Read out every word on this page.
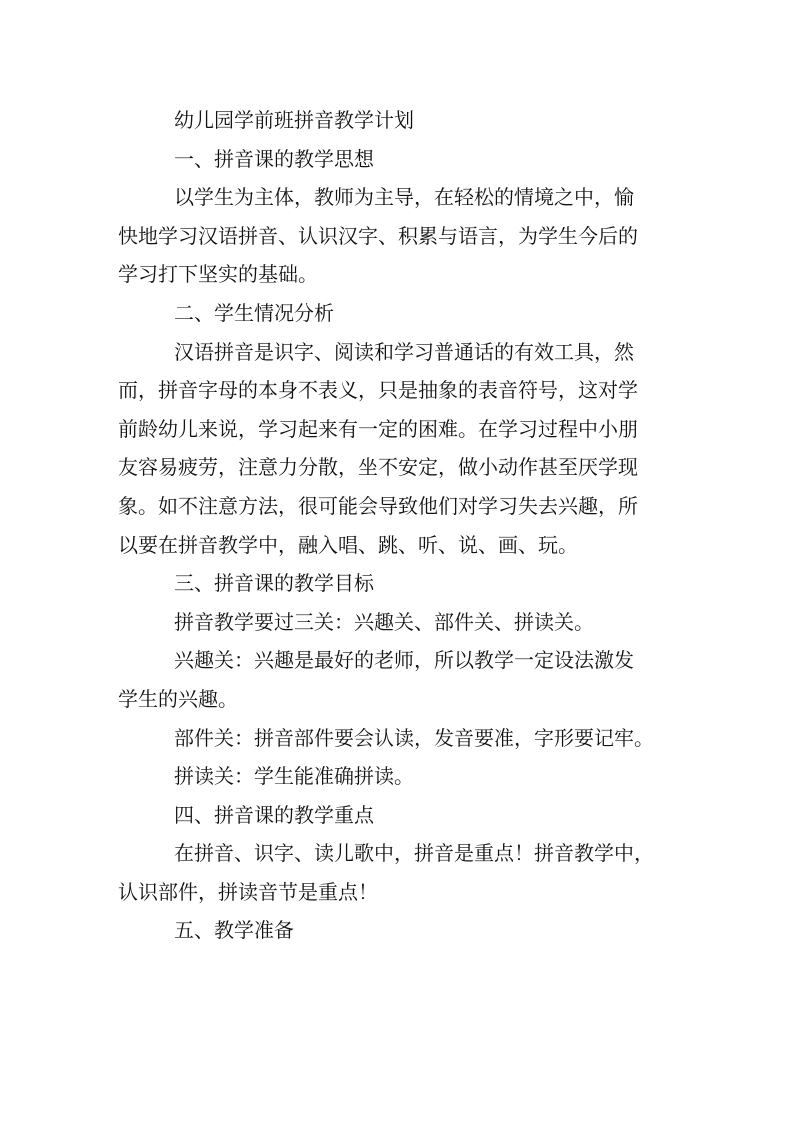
幼儿园学前班拼音教学计划
一、拼音课的教学思想
以学生为主体，教师为主导，在轻松的情境之中，愉
快地学习汉语拼音、认识汉字、积累与语言，为学生今后的
学习打下坚实的基础。
二、学生情况分析
汉语拼音是识字、阅读和学习普通话的有效工具，然
而，拼音字母的本身不表义，只是抽象的表音符号，这对学
前龄幼儿来说，学习起来有一定的困难。在学习过程中小朋
友容易疲劳，注意力分散，坐不安定，做小动作甚至厌学现
象。如不注意方法，很可能会导致他们对学习失去兴趣，所
以要在拼音教学中，融入唱、跳、听、说、画、玩。
三、拼音课的教学目标
拼音教学要过三关：兴趣关、部件关、拼读关。
兴趣关：兴趣是最好的老师，所以教学一定设法激发
学生的兴趣。
部件关：拼音部件要会认读，发音要准，字形要记牢。
拼读关：学生能准确拼读。
四、拼音课的教学重点
在拼音、识字、读儿歌中，拼音是重点！拼音教学中，
认识部件，拼读音节是重点！
五、教学准备
